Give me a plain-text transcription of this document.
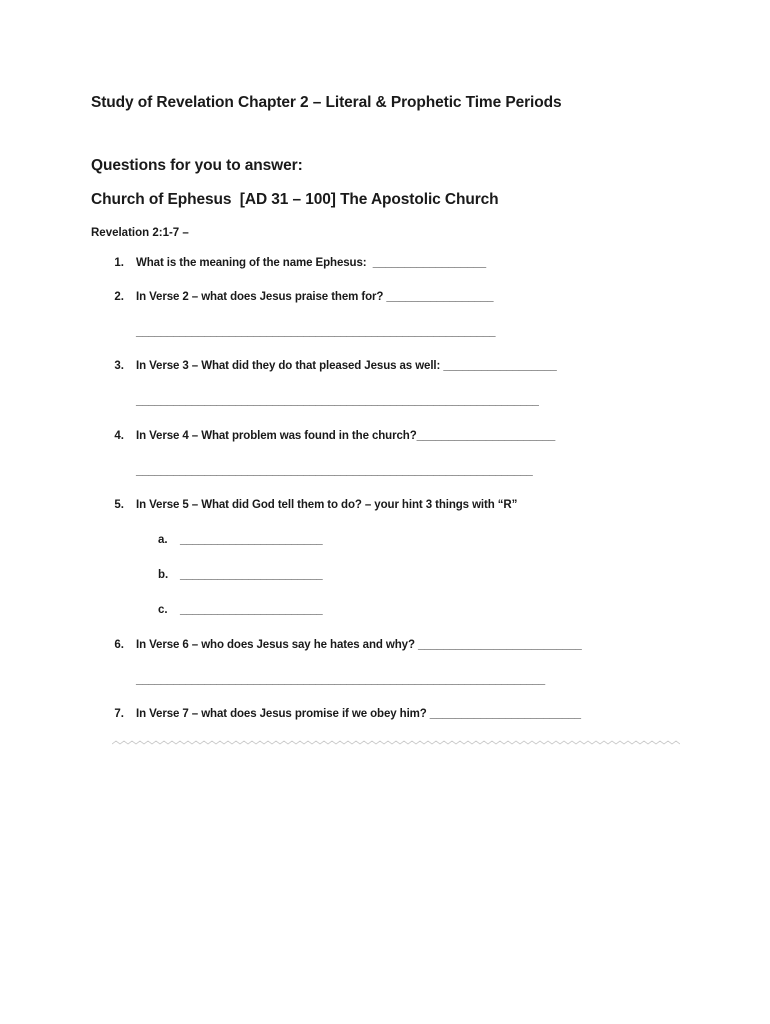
Study of Revelation Chapter 2 – Literal & Prophetic Time Periods
Questions for you to answer:
Church of Ephesus  [AD 31 – 100] The Apostolic Church
Revelation 2:1-7 –
1. What is the meaning of the name Ephesus:  __________________
2. In Verse 2 – what does Jesus praise them for? _________________
__________________________________________________________
3. In Verse 3 – What did they do that pleased Jesus as well: __________________
_________________________________________________________________
4. In Verse 4 – What problem was found in the church?______________________
________________________________________________________________
5. In Verse 5 – What did God tell them to do? – your hint 3 things with “R”
a. _______________________
b. _______________________
c. _______________________
6. In Verse 6 – who does Jesus say he hates and why? __________________________
__________________________________________________________________
7. In Verse 7 – what does Jesus promise if we obey him? ________________________
